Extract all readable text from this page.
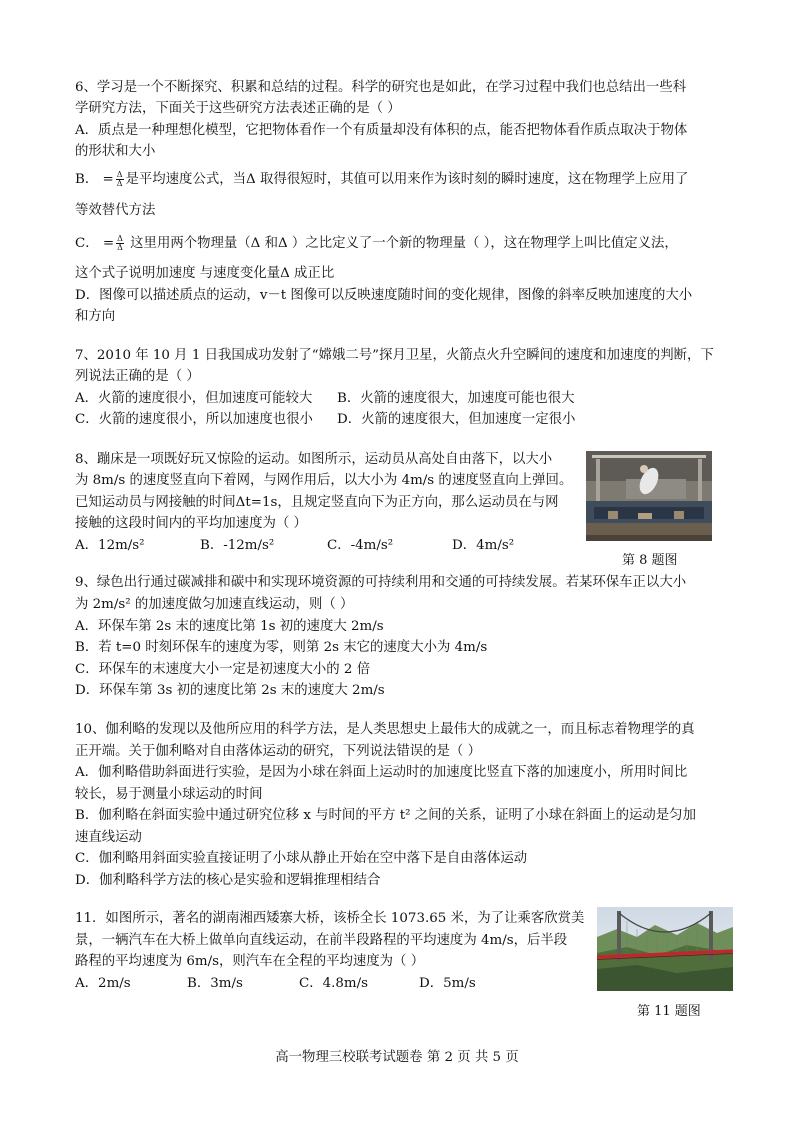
6、学习是一个不断探究、积累和总结的过程。科学的研究也是如此，在学习过程中我们也总结出一些科
学研究方法，下面关于这些研究方法表述正确的是（ ）
A．质点是一种理想化模型，它把物体看作一个有质量却没有体积的点，能否把物体看作质点取决于物体
的形状和大小
B． = $\frac{\Delta}{\Delta}$ 是平均速度公式，当Δ 取得很短时，其值可以用来作为该时刻的瞬时速度，这在物理学上应用了
等效替代方法
C． = $\frac{\Delta}{\Delta}$ 这里用两个物理量（Δ 和Δ ）之比定义了一个新的物理量（ ），这在物理学上叫比值定义法，
这个式子说明加速度 与速度变化量Δ 成正比
D．图像可以描述质点的运动，v－t 图像可以反映速度随时间的变化规律，图像的斜率反映加速度的大小
和方向
7、2010 年 10 月 1 日我国成功发射了“嫦娥二号”探月卫星，火箭点火升空瞬间的速度和加速度的判断，下
列说法正确的是（ ）
A．火箭的速度很小，但加速度可能较大 B．火箭的速度很大，加速度可能也很大
C．火箭的速度很小，所以加速度也很小 D．火箭的速度很大，但加速度一定很小
8、蹦床是一项既好玩又惊险的运动。如图所示，运动员从高处自由落下，以大小
为 8m/s 的速度竖直向下着网，与网作用后，以大小为 4m/s 的速度竖直向上弹回。
已知运动员与网接触的时间Δt=1s，且规定竖直向下为正方向，那么运动员在与网
接触的这段时间内的平均加速度为（ ）
A．12m/s²	B．-12m/s²	C．-4m/s²	D．4m/s²
第 8 题图
9、绿色出行通过碳减排和碳中和实现环境资源的可持续利用和交通的可持续发展。若某环保车正以大小
为 2m/s² 的加速度做匀加速直线运动，则（ ）
A．环保车第 2s 末的速度比第 1s 初的速度大 2m/s
B．若 t=0 时刻环保车的速度为零，则第 2s 末它的速度大小为 4m/s
C．环保车的末速度大小一定是初速度大小的 2 倍
D．环保车第 3s 初的速度比第 2s 末的速度大 2m/s
10、伽利略的发现以及他所应用的科学方法，是人类思想史上最伟大的成就之一，而且标志着物理学的真
正开端。关于伽利略对自由落体运动的研究，下列说法错误的是（ ）
A．伽利略借助斜面进行实验，是因为小球在斜面上运动时的加速度比竖直下落的加速度小，所用时间比
较长，易于测量小球运动的时间
B．伽利略在斜面实验中通过研究位移 x 与时间的平方 t² 之间的关系，证明了小球在斜面上的运动是匀加
速直线运动
C．伽利略用斜面实验直接证明了小球从静止开始在空中落下是自由落体运动
D．伽利略科学方法的核心是实验和逻辑推理相结合
11．如图所示，著名的湖南湘西矮寨大桥，该桥全长 1073.65 米，为了让乘客欣赏美
景，一辆汽车在大桥上做单向直线运动，在前半段路程的平均速度为 4m/s，后半段
路程的平均速度为 6m/s，则汽车在全程的平均速度为（ ）
A．2m/s	B．3m/s	C．4.8m/s	D．5m/s
第 11 题图
高一物理三校联考试题卷 第 2 页 共 5 页
